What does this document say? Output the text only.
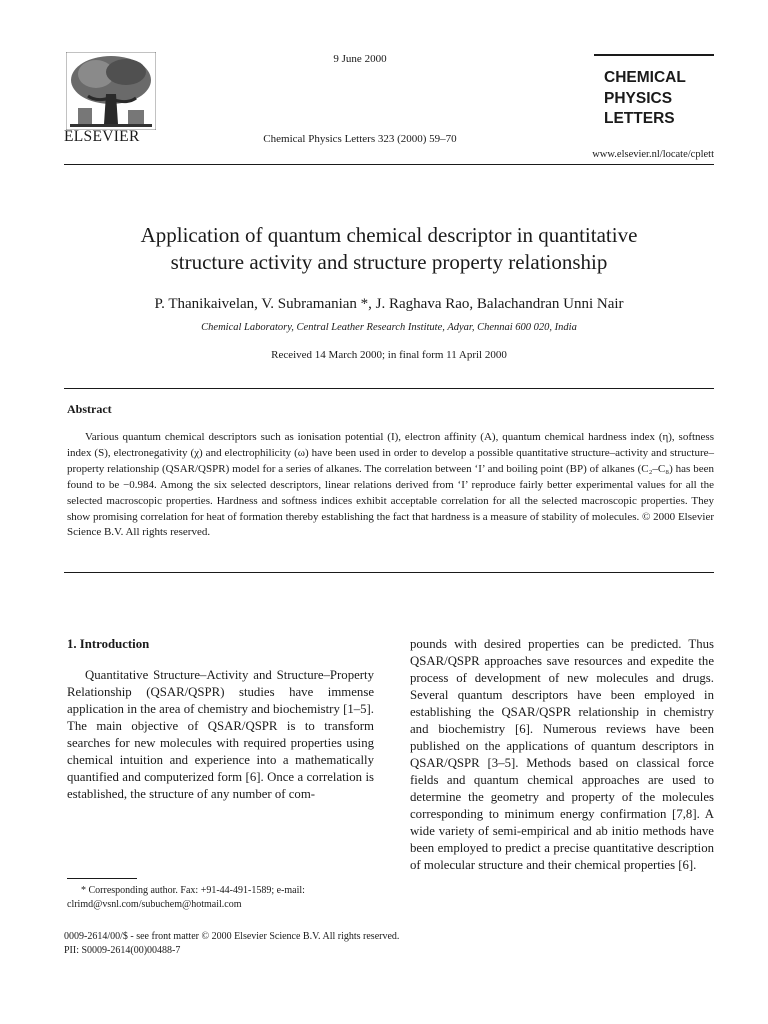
ELSEVIER
9 June 2000
Chemical Physics Letters 323 (2000) 59–70
CHEMICAL
PHYSICS
LETTERS
www.elsevier.nl/locate/cplett
Application of quantum chemical descriptor in quantitative
structure activity and structure property relationship
P. Thanikaivelan, V. Subramanian *, J. Raghava Rao, Balachandran Unni Nair
Chemical Laboratory, Central Leather Research Institute, Adyar, Chennai 600 020, India
Received 14 March 2000; in final form 11 April 2000
Abstract
Various quantum chemical descriptors such as ionisation potential (I), electron affinity (A), quantum chemical hardness index (η), softness index (S), electronegativity (χ) and electrophilicity (ω) have been used in order to develop a possible quantitative structure–activity and structure–property relationship (QSAR/QSPR) model for a series of alkanes. The correlation between ‘I’ and boiling point (BP) of alkanes (C₂–C₈) has been found to be −0.984. Among the six selected descriptors, linear relations derived from ‘I’ reproduce fairly better experimental values for all the selected macroscopic properties. Hardness and softness indices exhibit acceptable correlation for all the selected macroscopic properties. They show promising correlation for heat of formation thereby establishing the fact that hardness is a measure of stability of molecules. © 2000 Elsevier Science B.V. All rights reserved.
1. Introduction

Quantitative Structure–Activity and Structure–Property Relationship (QSAR/QSPR) studies have immense application in the area of chemistry and biochemistry [1–5]. The main objective of QSAR/QSPR is to transform searches for new molecules with required properties using chemical intuition and experience into a mathematically quantified and computerized form [6]. Once a correlation is established, the structure of any number of com-

pounds with desired properties can be predicted. Thus QSAR/QSPR approaches save resources and expedite the process of development of new molecules and drugs. Several quantum descriptors have been employed in establishing the QSAR/QSPR relationship in chemistry and biochemistry [6]. Numerous reviews have been published on the applications of quantum descriptors in QSAR/QSPR [3–5]. Methods based on classical force fields and quantum chemical approaches are used to determine the geometry and property of the molecules corresponding to minimum energy confirmation [7,8]. A wide variety of semi-empirical and ab initio methods have been employed to predict a precise quantitative description of molecular structure and their chemical properties [6].

* Corresponding author. Fax: +91-44-491-1589; e-mail:
clrimd@vsnl.com/subuchem@hotmail.com
0009-2614/00/$ - see front matter © 2000 Elsevier Science B.V. All rights reserved.
PII: S0009-2614(00)00488-7
